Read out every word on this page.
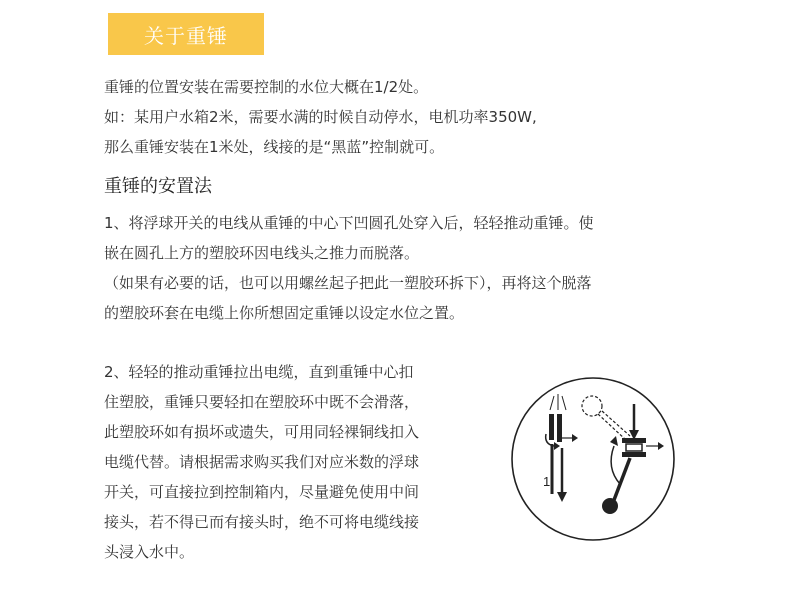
关于重锤
重锤的位置安装在需要控制的水位大概在1/2处。
如：某用户水箱2米，需要水满的时候自动停水，电机功率350W,
那么重锤安装在1米处，线接的是“黑蓝”控制就可。
重锤的安置法
1、将浮球开关的电线从重锤的中心下凹圆孔处穿入后，轻轻推动重锤。使
嵌在圆孔上方的塑胶环因电线头之推力而脱落。
（如果有必要的话，也可以用螺丝起子把此一塑胶环拆下），再将这个脱落
的塑胶环套在电缆上你所想固定重锤以设定水位之置。
2、轻轻的推动重锤拉出电缆，直到重锤中心扣
住塑胶，重锤只要轻扣在塑胶环中既不会滑落，
此塑胶环如有损坏或遗失，可用同轻裸铜线扣入
电缆代替。请根据需求购买我们对应米数的浮球
开关，可直接拉到控制箱内，尽量避免使用中间
接头，若不得已而有接头时，绝不可将电缆线接
头浸入水中。
1
